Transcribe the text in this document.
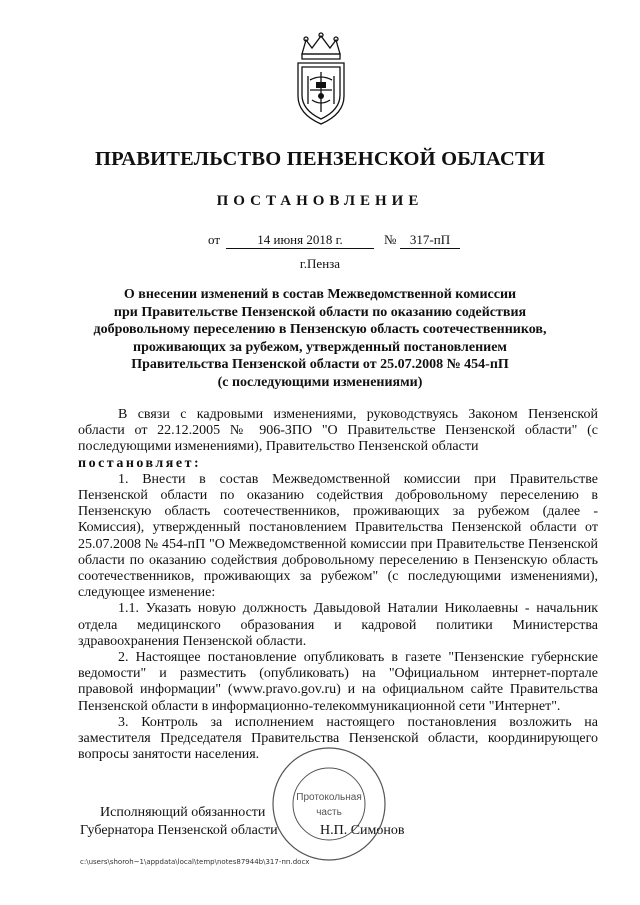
ПРАВИТЕЛЬСТВО ПЕНЗЕНСКОЙ ОБЛАСТИ
ПОСТАНОВЛЕНИЕ
от	14 июня 2018 г.	№	317-пП
г.Пенза
О внесении изменений в состав Межведомственной комиссии
при Правительстве Пензенской области по оказанию содействия
добровольному переселению в Пензенскую область соотечественников,
проживающих за рубежом, утвержденный постановлением
Правительства Пензенской области от 25.07.2008 № 454-пП
(с последующими изменениями)

В связи с кадровыми изменениями, руководствуясь Законом Пензенской области от 22.12.2005 № 906-ЗПО "О Правительстве Пензенской области" (с последующими изменениями), Правительство Пензенской области

постановляет:

1. Внести в состав Межведомственной комиссии при Правительстве Пензенской области по оказанию содействия добровольному переселению в Пензенскую область соотечественников, проживающих за рубежом (далее - Комиссия), утвержденный постановлением Правительства Пензенской области от 25.07.2008 № 454-пП "О Межведомственной комиссии при Правительстве Пензенской области по оказанию содействия добровольному переселению в Пензенскую область соотечественников, проживающих за рубежом" (с последующими изменениями), следующее изменение:

1.1. Указать новую должность Давыдовой Наталии Николаевны - начальник отдела медицинского образования и кадровой политики Министерства здравоохранения Пензенской области.

2. Настоящее постановление опубликовать в газете "Пензенские губернские ведомости" и разместить (опубликовать) на "Официальном интернет-портале правовой информации" (www.pravo.gov.ru) и на официальном сайте Правительства Пензенской области в информационно-телекоммуникационной сети "Интернет".

3. Контроль за исполнением настоящего постановления возложить на заместителя Председателя Правительства Пензенской области, координирующего вопросы занятости населения.

Исполняющий обязанности
Губернатора Пензенской области	Н.П. Симонов
Протокольная
часть
c:\users\shoroh~1\appdata\local\temp\notes87944b\317-пп.docx
